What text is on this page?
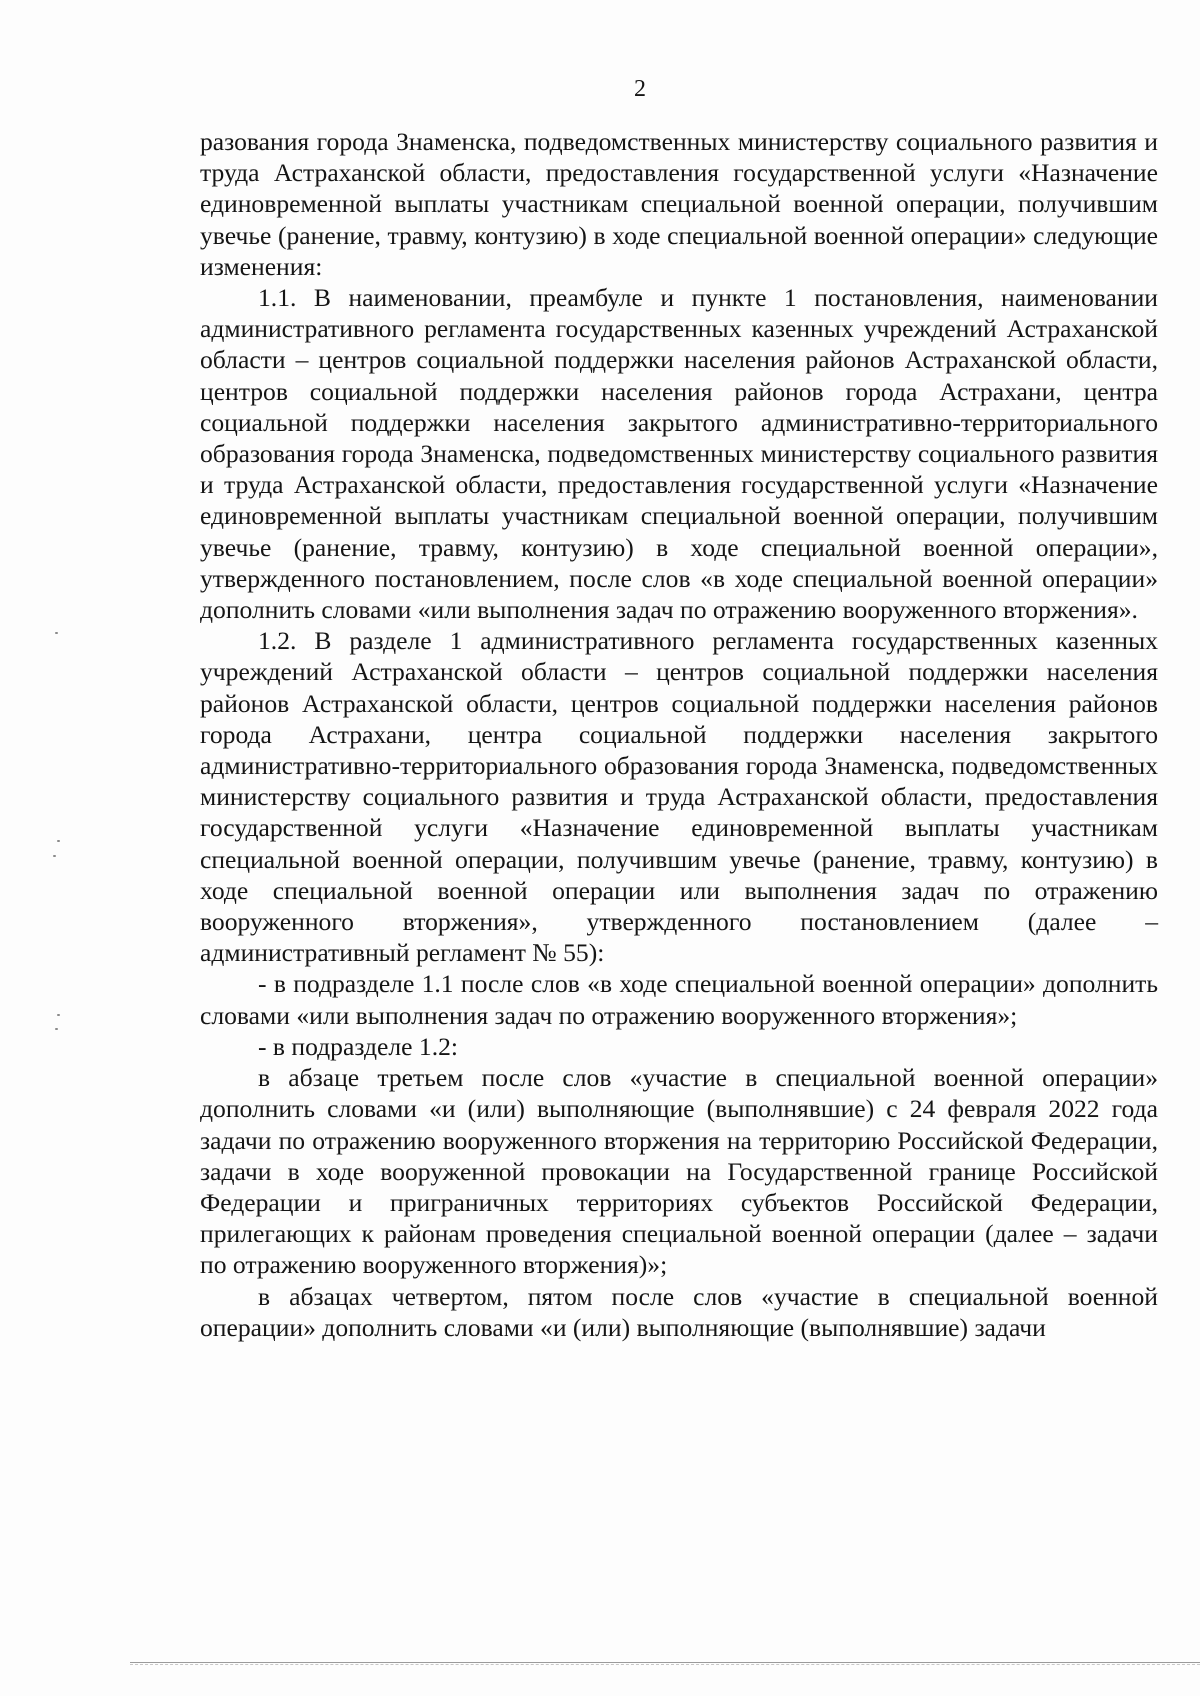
2

разования города Знаменска, подведомственных министерству социального развития и труда Астраханской области, предоставления государственной услуги «Назначение единовременной выплаты участникам специальной военной операции, получившим увечье (ранение, травму, контузию) в ходе специальной военной операции» следующие изменения:

1.1. В наименовании, преамбуле и пункте 1 постановления, наименовании административного регламента государственных казенных учреждений Астраханской области – центров социальной поддержки населения районов Астраханской области, центров социальной поддержки населения районов города Астрахани, центра социальной поддержки населения закрытого административно-территориального образования города Знаменска, подведомственных министерству социального развития и труда Астраханской области, предоставления государственной услуги «Назначение единовременной выплаты участникам специальной военной операции, получившим увечье (ранение, травму, контузию) в ходе специальной военной операции», утвержденного постановлением, после слов «в ходе специальной военной операции» дополнить словами «или выполнения задач по отражению вооруженного вторжения».

1.2. В разделе 1 административного регламента государственных казенных учреждений Астраханской области – центров социальной поддержки населения районов Астраханской области, центров социальной поддержки населения районов города Астрахани, центра социальной поддержки населения закрытого административно-территориального образования города Знаменска, подведомственных министерству социального развития и труда Астраханской области, предоставления государственной услуги «Назначение единовременной выплаты участникам специальной военной операции, получившим увечье (ранение, травму, контузию) в ходе специальной военной операции или выполнения задач по отражению вооруженного вторжения», утвержденного постановлением (далее – административный регламент № 55):

- в подразделе 1.1 после слов «в ходе специальной военной операции» дополнить словами «или выполнения задач по отражению вооруженного вторжения»;

- в подразделе 1.2:

в абзаце третьем после слов «участие в специальной военной операции» дополнить словами «и (или) выполняющие (выполнявшие) с 24 февраля 2022 года задачи по отражению вооруженного вторжения на территорию Российской Федерации, задачи в ходе вооруженной провокации на Государственной границе Российской Федерации и приграничных территориях субъектов Российской Федерации, прилегающих к районам проведения специальной военной операции (далее – задачи по отражению вооруженного вторжения)»;

в абзацах четвертом, пятом после слов «участие в специальной военной операции» дополнить словами «и (или) выполняющие (выполнявшие) задачи
